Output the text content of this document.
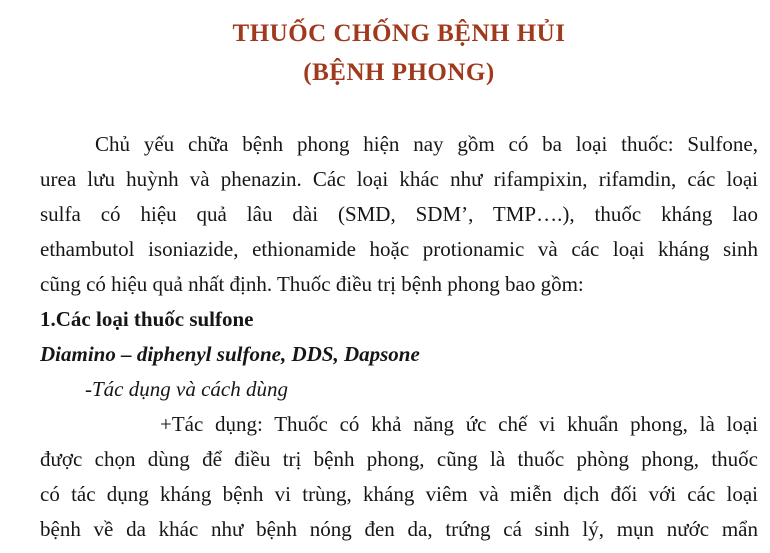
THUỐC CHỐNG BỆNH HỦI
(BỆNH PHONG)
Chủ yếu chữa bệnh phong hiện nay gồm có ba loại thuốc: Sulfone,
urea lưu huỳnh và phenazin. Các loại khác như rifampixin, rifamdin, các loại
sulfa có hiệu quả lâu dài (SMD, SDM’, TMP….), thuốc kháng lao
ethambutol isoniazide, ethionamide hoặc protionamic và các loại kháng sinh
cũng có hiệu quả nhất định. Thuốc điều trị bệnh phong bao gồm:
1.Các loại thuốc sulfone
Diamino – diphenyl sulfone, DDS, Dapsone
-Tác dụng và cách dùng
+Tác dụng: Thuốc có khả năng ức chế vi khuẩn phong, là loại
được chọn dùng để điều trị bệnh phong, cũng là thuốc phòng phong, thuốc
có tác dụng kháng bệnh vi trùng, kháng viêm và miễn dịch đối với các loại
bệnh về da khác như bệnh nóng đen da, trứng cá sinh lý, mụn nước mẩn
